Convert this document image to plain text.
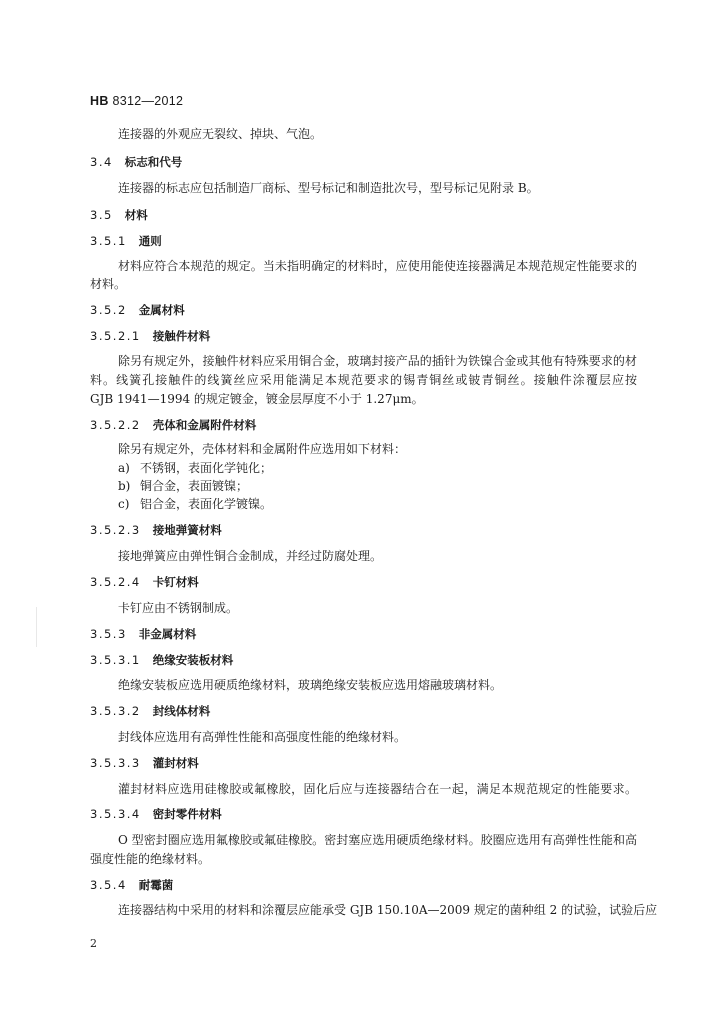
HB 8312—2012
连接器的外观应无裂纹、掉块、气泡。
3.4 标志和代号
连接器的标志应包括制造厂商标、型号标记和制造批次号，型号标记见附录 B。
3.5 材料
3.5.1 通则
材料应符合本规范的规定。当未指明确定的材料时，应使用能使连接器满足本规范规定性能要求的
材料。
3.5.2 金属材料
3.5.2.1 接触件材料
除另有规定外，接触件材料应采用铜合金，玻璃封接产品的插针为铁镍合金或其他有特殊要求的材
料。线簧孔接触件的线簧丝应采用能满足本规范要求的锡青铜丝或铍青铜丝。接触件涂覆层应按
GJB 1941—1994 的规定镀金，镀金层厚度不小于 1.27μm。
3.5.2.2 壳体和金属附件材料
除另有规定外，壳体材料和金属附件应选用如下材料：
a) 不锈钢，表面化学钝化；
b) 铜合金，表面镀镍；
c) 铝合金，表面化学镀镍。
3.5.2.3 接地弹簧材料
接地弹簧应由弹性铜合金制成，并经过防腐处理。
3.5.2.4 卡钉材料
卡钉应由不锈钢制成。
3.5.3 非金属材料
3.5.3.1 绝缘安装板材料
绝缘安装板应选用硬质绝缘材料，玻璃绝缘安装板应选用熔融玻璃材料。
3.5.3.2 封线体材料
封线体应选用有高弹性性能和高强度性能的绝缘材料。
3.5.3.3 灌封材料
灌封材料应选用硅橡胶或氟橡胶，固化后应与连接器结合在一起，满足本规范规定的性能要求。
3.5.3.4 密封零件材料
O 型密封圈应选用氟橡胶或氟硅橡胶。密封塞应选用硬质绝缘材料。胶圈应选用有高弹性性能和高
强度性能的绝缘材料。
3.5.4 耐霉菌
连接器结构中采用的材料和涂覆层应能承受 GJB 150.10A—2009 规定的菌种组 2 的试验，试验后应
2
